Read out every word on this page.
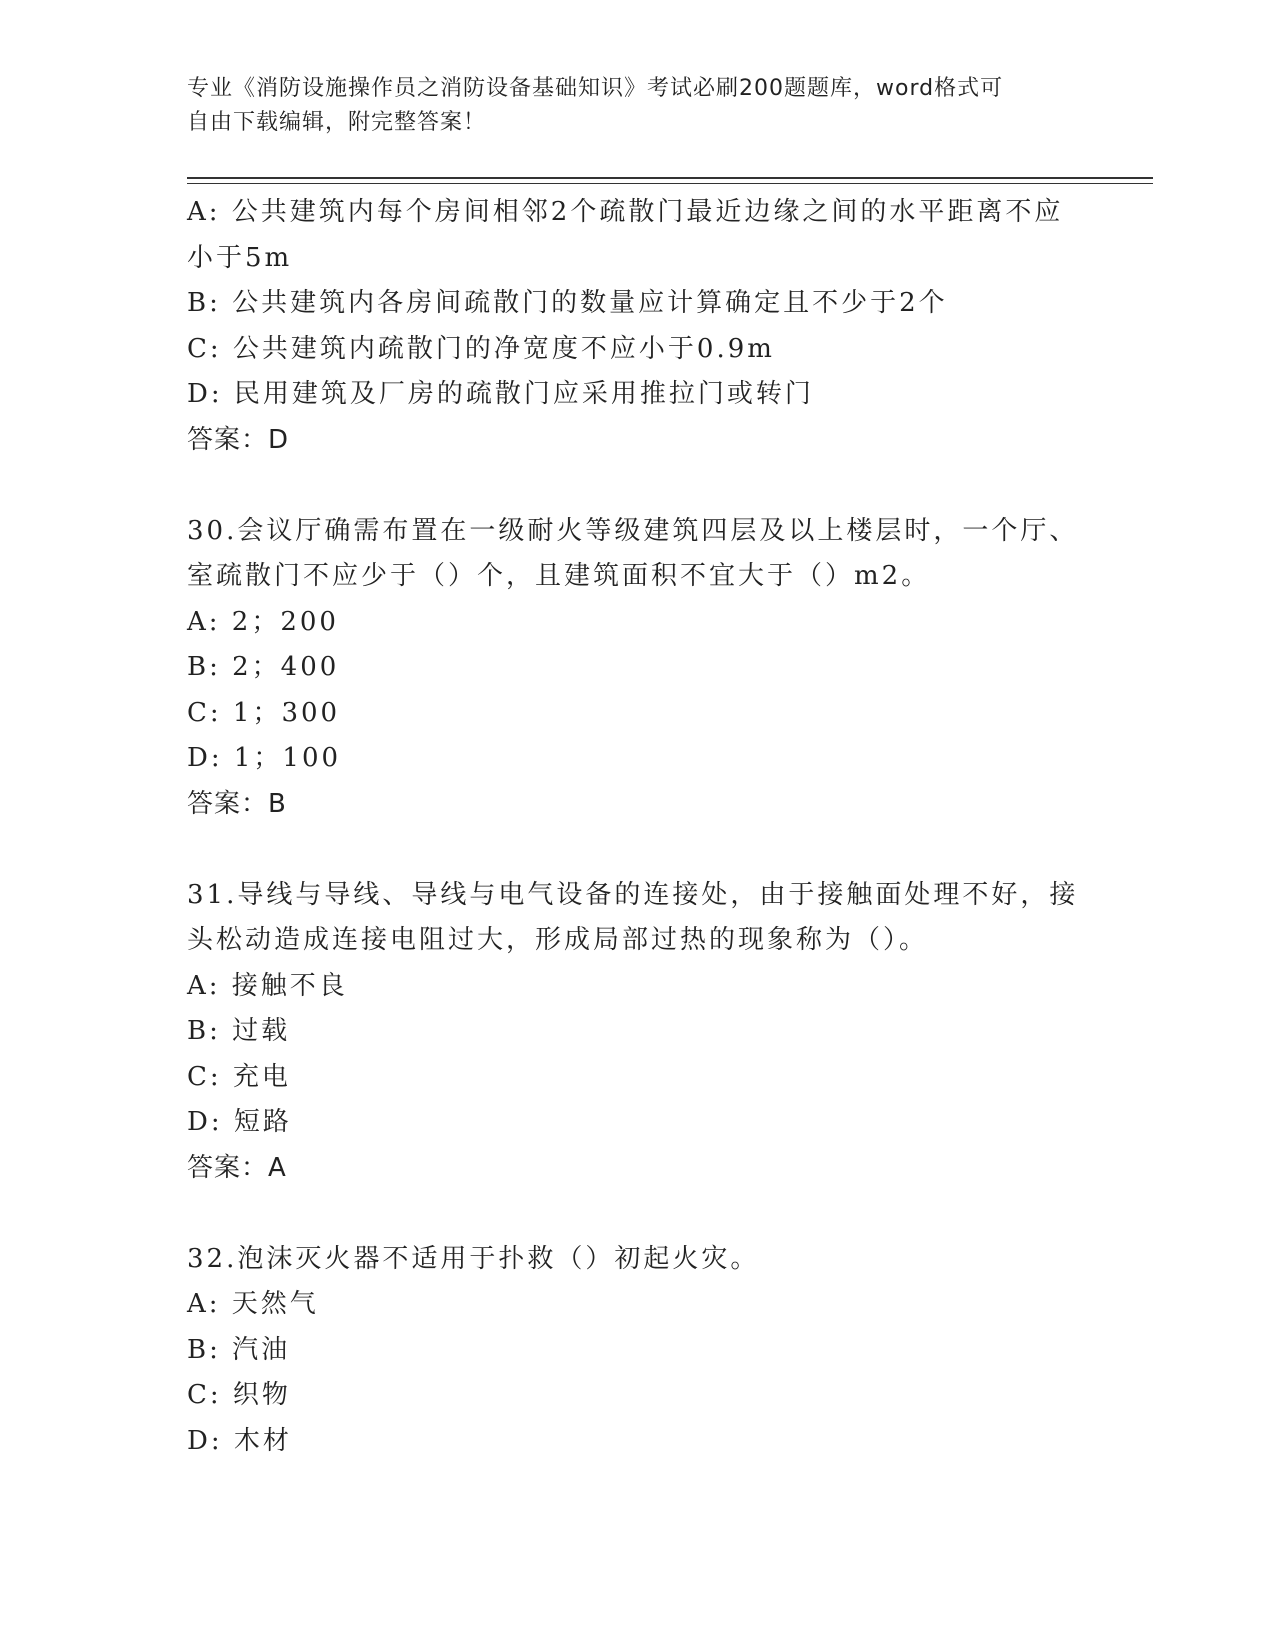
专业《消防设施操作员之消防设备基础知识》考试必刷200题题库，word格式可
自由下载编辑，附完整答案！
A: 公共建筑内每个房间相邻2个疏散门最近边缘之间的水平距离不应
小于5m
B: 公共建筑内各房间疏散门的数量应计算确定且不少于2个
C: 公共建筑内疏散门的净宽度不应小于0.9m
D: 民用建筑及厂房的疏散门应采用推拉门或转门
答案：D
30.会议厅确需布置在一级耐火等级建筑四层及以上楼层时，一个厅、
室疏散门不应少于（）个，且建筑面积不宜大于（）m2。
A: 2；200
B: 2；400
C: 1；300
D: 1；100
答案：B
31.导线与导线、导线与电气设备的连接处，由于接触面处理不好，接
头松动造成连接电阻过大，形成局部过热的现象称为（）。
A: 接触不良
B: 过载
C: 充电
D: 短路
答案：A
32.泡沫灭火器不适用于扑救（）初起火灾。
A: 天然气
B: 汽油
C: 织物
D: 木材
